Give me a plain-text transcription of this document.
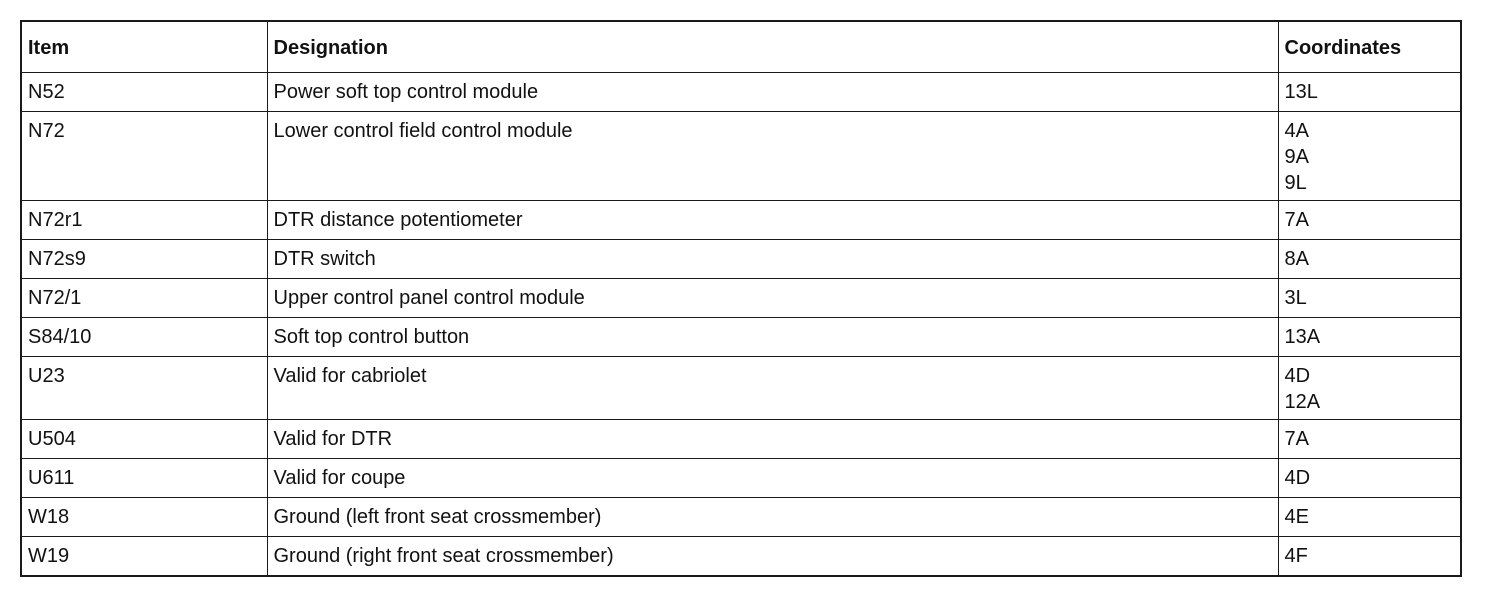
Item	Designation	Coordinates
N52	Power soft top control module	13L

N72	Lower control field control module	4A
9A
9L

N72r1	DTR distance potentiometer	7A

N72s9	DTR switch	8A

N72/1	Upper control panel control module	3L

S84/10	Soft top control button	13A

U23	Valid for cabriolet	4D
12A

U504	Valid for DTR	7A

U611	Valid for coupe	4D

W18	Ground (left front seat crossmember)	4E

W19	Ground (right front seat crossmember)	4F
